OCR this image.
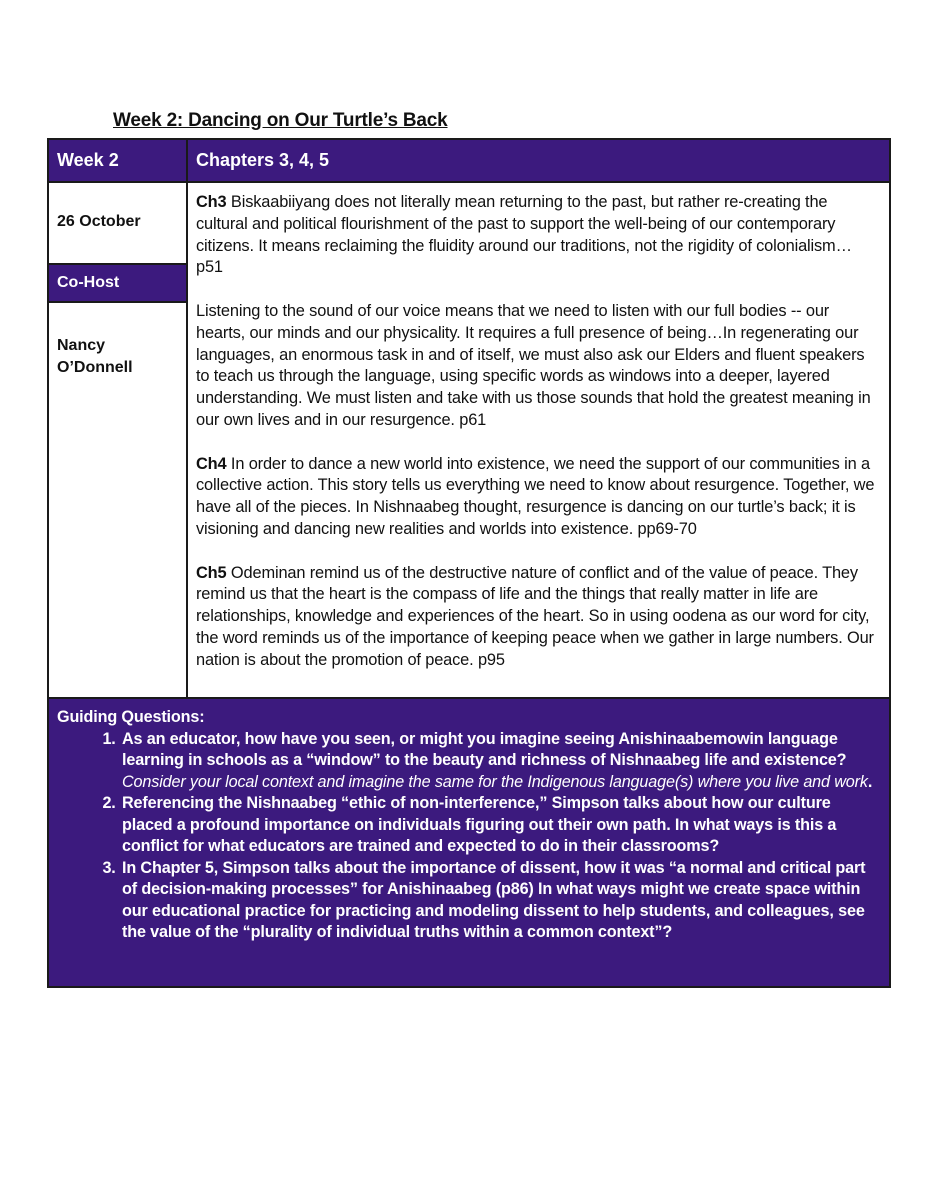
Week 2: Dancing on Our Turtle’s Back
Week 2	Chapters 3, 4, 5
26 October
Co-Host
Nancy
O’Donnell

Ch3 Biskaabiiyang does not literally mean returning to the past, but rather re-creating the cultural and political flourishment of the past to support the well-being of our contemporary citizens. It means reclaiming the fluidity around our traditions, not the rigidity of colonialism… p51

Listening to the sound of our voice means that we need to listen with our full bodies -- our hearts, our minds and our physicality. It requires a full presence of being…In regenerating our languages, an enormous task in and of itself, we must also ask our Elders and fluent speakers to teach us through the language, using specific words as windows into a deeper, layered understanding. We must listen and take with us those sounds that hold the greatest meaning in our own lives and in our resurgence. p61

Ch4 In order to dance a new world into existence, we need the support of our communities in a collective action. This story tells us everything we need to know about resurgence. Together, we have all of the pieces. In Nishnaabeg thought, resurgence is dancing on our turtle’s back; it is visioning and dancing new realities and worlds into existence. pp69-70

Ch5 Odeminan remind us of the destructive nature of conflict and of the value of peace. They remind us that the heart is the compass of life and the things that really matter in life are relationships, knowledge and experiences of the heart. So in using oodena as our word for city, the word reminds us of the importance of keeping peace when we gather in large numbers. Our nation is about the promotion of peace. p95

Guiding Questions:
1. As an educator, how have you seen, or might you imagine seeing Anishinaabemowin language learning in schools as a “window” to the beauty and richness of Nishnaabeg life and existence? Consider your local context and imagine the same for the Indigenous language(s) where you live and work.
2. Referencing the Nishnaabeg “ethic of non-interference,” Simpson talks about how our culture placed a profound importance on individuals figuring out their own path. In what ways is this a conflict for what educators are trained and expected to do in their classrooms?
3. In Chapter 5, Simpson talks about the importance of dissent, how it was “a normal and critical part of decision-making processes” for Anishinaabeg (p86) In what ways might we create space within our educational practice for practicing and modeling dissent to help students, and colleagues, see the value of the “plurality of individual truths within a common context”?
